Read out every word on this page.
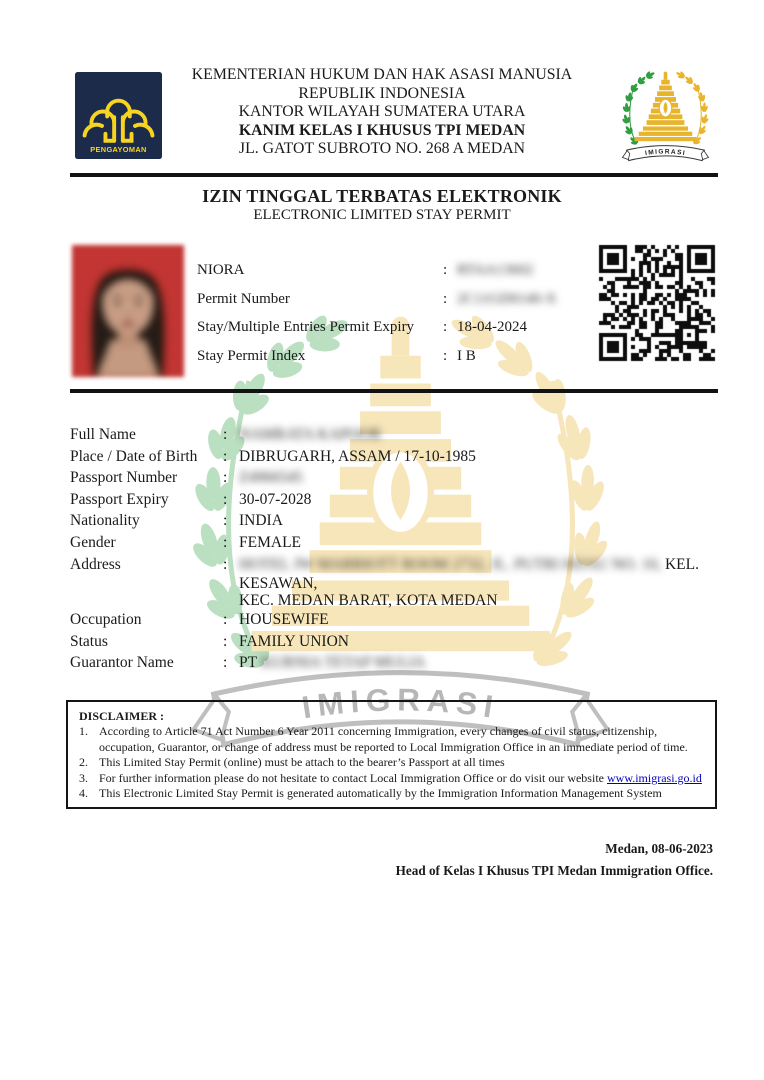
IMIGRASI
PENGAYOMAN
KEMENTERIAN HUKUM DAN HAK ASASI MANUSIA
REPUBLIK INDONESIA
KANTOR WILAYAH SUMATERA UTARA
KANIM KELAS I KHUSUS TPI MEDAN
JL. GATOT SUBROTO NO. 268 A MEDAN	IMIGRASI
IZIN TINGGAL TERBATAS ELEKTRONIK
ELECTRONIC LIMITED STAY PERMIT
NIORA	: RTAA13602
Permit Number	: 2C11GD0140-X
Stay/Multiple Entries Permit Expiry	: 18-04-2024
Stay Permit Index	: I B
Full Name	: NAMRATA KAPOOR
Place / Date of Birth	: DIBRUGARH, ASSAM / 17-10-1985
Passport Number	: Z4966545
Passport Expiry	: 30-07-2028
Nationality	: INDIA
Gender	: FEMALE
Address	: HOTEL JW MARRIOTT ROOM 2732, JL. PUTRI HIJAU NO. 10, KEL.
KESAWAN,
KEC. MEDAN BARAT, KOTA MEDAN
Occupation	: HOUSEWIFE
Status	: FAMILY UNION
Guarantor Name	: PT KURNIA TETAP MULIA
DISCLAIMER :
1. According to Article 71 Act Number 6 Year 2011 concerning Immigration, every changes of civil status, citizenship, occupation, Guarantor, or change of address must be reported to Local Immigration Office in an immediate period of time.
2. This Limited Stay Permit (online) must be attach to the bearer’s Passport at all times
3. For further information please do not hesitate to contact Local Immigration Office or do visit our website www.imigrasi.go.id
4. This Electronic Limited Stay Permit is generated automatically by the Immigration Information Management System
Medan, 08-06-2023
Head of Kelas I Khusus TPI Medan Immigration Office.
